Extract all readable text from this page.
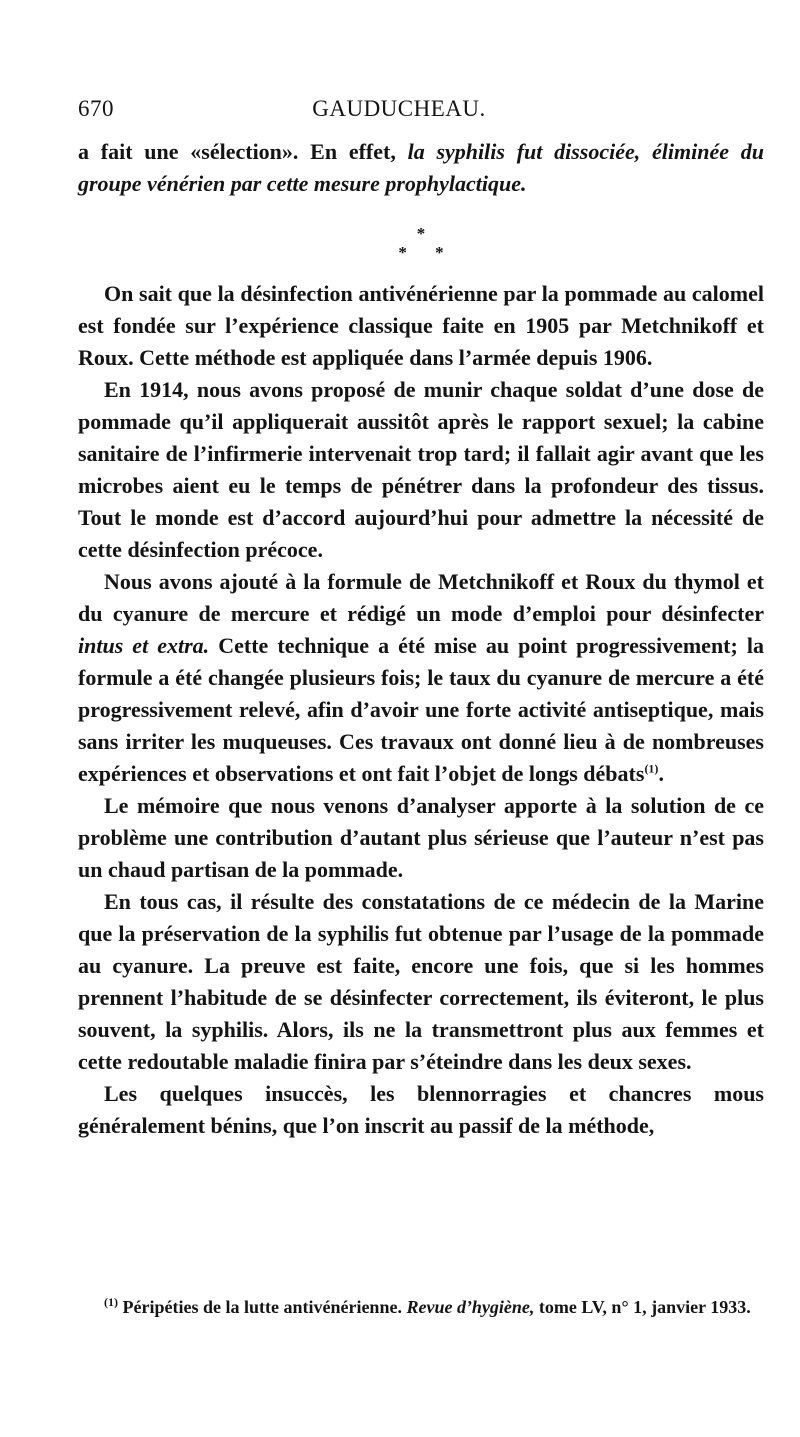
670	GAUDUCHEAU.

a fait une «sélection». En effet, la syphilis fut dissociée, éliminée du groupe vénérien par cette mesure prophylactique.

*
* *

On sait que la désinfection antivénérienne par la pommade au calomel est fondée sur l’expérience classique faite en 1905 par Metchnikoff et Roux. Cette méthode est appliquée dans l’armée depuis 1906.

En 1914, nous avons proposé de munir chaque soldat d’une dose de pommade qu’il appliquerait aussitôt après le rapport sexuel; la cabine sanitaire de l’infirmerie intervenait trop tard; il fallait agir avant que les microbes aient eu le temps de pénétrer dans la profondeur des tissus. Tout le monde est d’accord aujourd’hui pour admettre la nécessité de cette désinfection précoce.

Nous avons ajouté à la formule de Metchnikoff et Roux du thymol et du cyanure de mercure et rédigé un mode d’emploi pour désinfecter intus et extra. Cette technique a été mise au point progressivement; la formule a été changée plusieurs fois; le taux du cyanure de mercure a été progressivement relevé, afin d’avoir une forte activité antiseptique, mais sans irriter les muqueuses. Ces travaux ont donné lieu à de nombreuses expériences et observations et ont fait l’objet de longs débats$^{(1)}$.

Le mémoire que nous venons d’analyser apporte à la solution de ce problème une contribution d’autant plus sérieuse que l’auteur n’est pas un chaud partisan de la pommade.

En tous cas, il résulte des constatations de ce médecin de la Marine que la préservation de la syphilis fut obtenue par l’usage de la pommade au cyanure. La preuve est faite, encore une fois, que si les hommes prennent l’habitude de se désinfecter correctement, ils éviteront, le plus souvent, la syphilis. Alors, ils ne la transmettront plus aux femmes et cette redoutable maladie finira par s’éteindre dans les deux sexes.

Les quelques insuccès, les blennorragies et chancres mous généralement bénins, que l’on inscrit au passif de la méthode,

$^{(1)}$ Péripéties de la lutte antivénérienne. Revue d’hygiène, tome LV, n° 1, janvier 1933.
